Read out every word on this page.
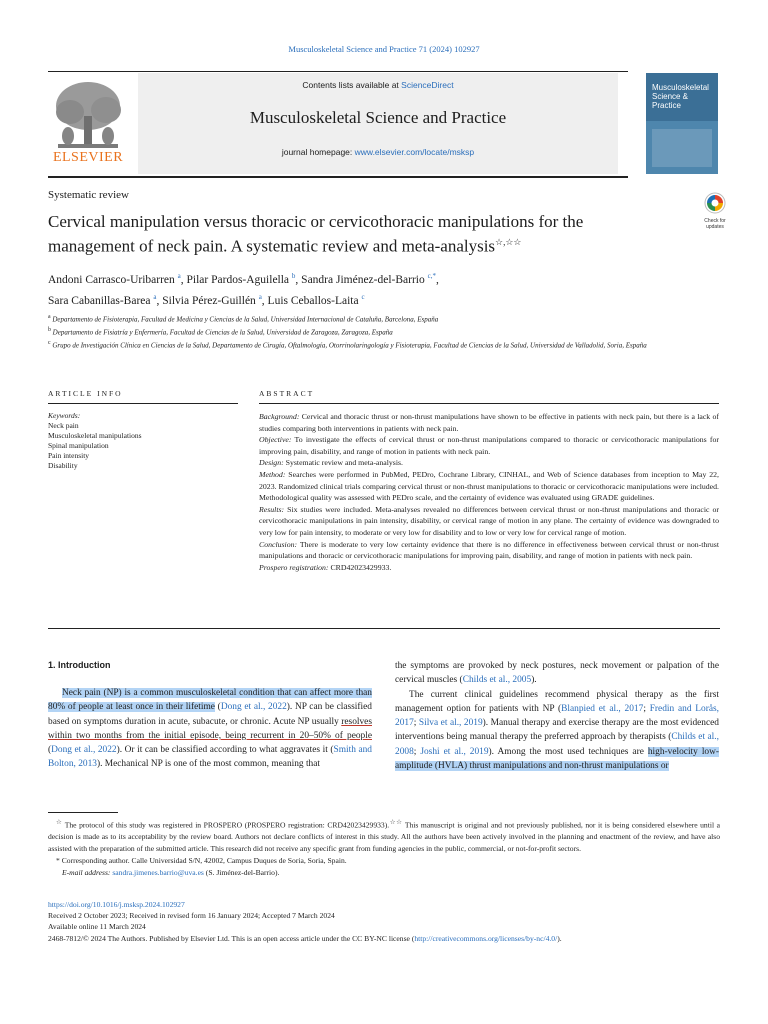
Musculoskeletal Science and Practice 71 (2024) 102927
Contents lists available at ScienceDirect
Musculoskeletal Science and Practice
journal homepage: www.elsevier.com/locate/msksp
ELSEVIER
Musculoskeletal Science & Practice
Systematic review
Cervical manipulation versus thoracic or cervicothoracic manipulations for the management of neck pain. A systematic review and meta-analysis☆,☆☆
Check for updates
Andoni Carrasco-Uribarren $^a$, Pilar Pardos-Aguilella $^b$, Sandra Jiménez-del-Barrio $^{c,*}$,
Sara Cabanillas-Barea $^a$, Silvia Pérez-Guillén $^a$, Luis Ceballos-Laita $^c$
$^a$ Departamento de Fisioterapia, Facultad de Medicina y Ciencias de la Salud, Universidad Internacional de Cataluña, Barcelona, España
$^b$ Departamento de Fisiatría y Enfermería, Facultad de Ciencias de la Salud, Universidad de Zaragoza, Zaragoza, España
$^c$ Grupo de Investigación Clínica en Ciencias de la Salud, Departamento de Cirugía, Oftalmología, Otorrinolaringología y Fisioterapia, Facultad de Ciencias de la Salud, Universidad de Valladolid, Soria, España
ARTICLE INFO	ABSTRACT
Keywords:
Neck pain
Musculoskeletal manipulations
Spinal manipulation
Pain intensity
Disability
Background: Cervical and thoracic thrust or non-thrust manipulations have shown to be effective in patients with neck pain, but there is a lack of studies comparing both interventions in patients with neck pain.
Objective: To investigate the effects of cervical thrust or non-thrust manipulations compared to thoracic or cervicothoracic manipulations for improving pain, disability, and range of motion in patients with neck pain.
Design: Systematic review and meta-analysis.
Method: Searches were performed in PubMed, PEDro, Cochrane Library, CINHAL, and Web of Science databases from inception to May 22, 2023. Randomized clinical trials comparing cervical thrust or non-thrust manipulations to thoracic or cervicothoracic manipulations were included. Methodological quality was assessed with PEDro scale, and the certainty of evidence was evaluated using GRADE guidelines.
Results: Six studies were included. Meta-analyses revealed no differences between cervical thrust or non-thrust manipulations and thoracic or cervicothoracic manipulations in pain intensity, disability, or cervical range of motion in any plane. The certainty of evidence was downgraded to very low for pain intensity, to moderate or very low for disability and to low or very low for cervical range of motion.
Conclusion: There is moderate to very low certainty evidence that there is no difference in effectiveness between cervical thrust or non-thrust manipulations and thoracic or cervicothoracic manipulations for improving pain, disability, and range of motion in patients with neck pain.
Prospero registration: CRD42023429933.
1. Introduction
Neck pain (NP) is a common musculoskeletal condition that can affect more than 80% of people at least once in their lifetime (Dong et al., 2022). NP can be classified based on symptoms duration in acute, subacute, or chronic. Acute NP usually resolves within two months from the initial episode, being recurrent in 20–50% of people (Dong et al., 2022). Or it can be classified according to what aggravates it (Smith and Bolton, 2013). Mechanical NP is one of the most common, meaning that
the symptoms are provoked by neck postures, neck movement or palpation of the cervical muscles (Childs et al., 2005).
The current clinical guidelines recommend physical therapy as the first management option for patients with NP (Blanpied et al., 2017; Fredin and Lorås, 2017; Silva et al., 2019). Manual therapy and exercise therapy are the most evidenced interventions being manual therapy the preferred approach by therapists (Childs et al., 2008; Joshi et al., 2019). Among the most used techniques are high-velocity low-amplitude (HVLA) thrust manipulations and non-thrust manipulations or
☆ The protocol of this study was registered in PROSPERO (PROSPERO registration: CRD42023429933).☆☆ This manuscript is original and not previously published, nor it is being considered elsewhere until a decision is made as to its acceptability by the review board. Authors not declare conflicts of interest in this study. All the authors have been actively involved in the planning and enactment of the review, and have also assisted with the preparation of the submitted article. This research did not receive any specific grant from funding agencies in the public, commercial, or not-for-profit sectors.
* Corresponding author. Calle Universidad S/N, 42002, Campus Duques de Soria, Soria, Spain.
E-mail address: sandra.jimenes.barrio@uva.es (S. Jiménez-del-Barrio).
https://doi.org/10.1016/j.msksp.2024.102927
Received 2 October 2023; Received in revised form 16 January 2024; Accepted 7 March 2024
Available online 11 March 2024
2468-7812/© 2024 The Authors. Published by Elsevier Ltd. This is an open access article under the CC BY-NC license (http://creativecommons.org/licenses/by-nc/4.0/).
